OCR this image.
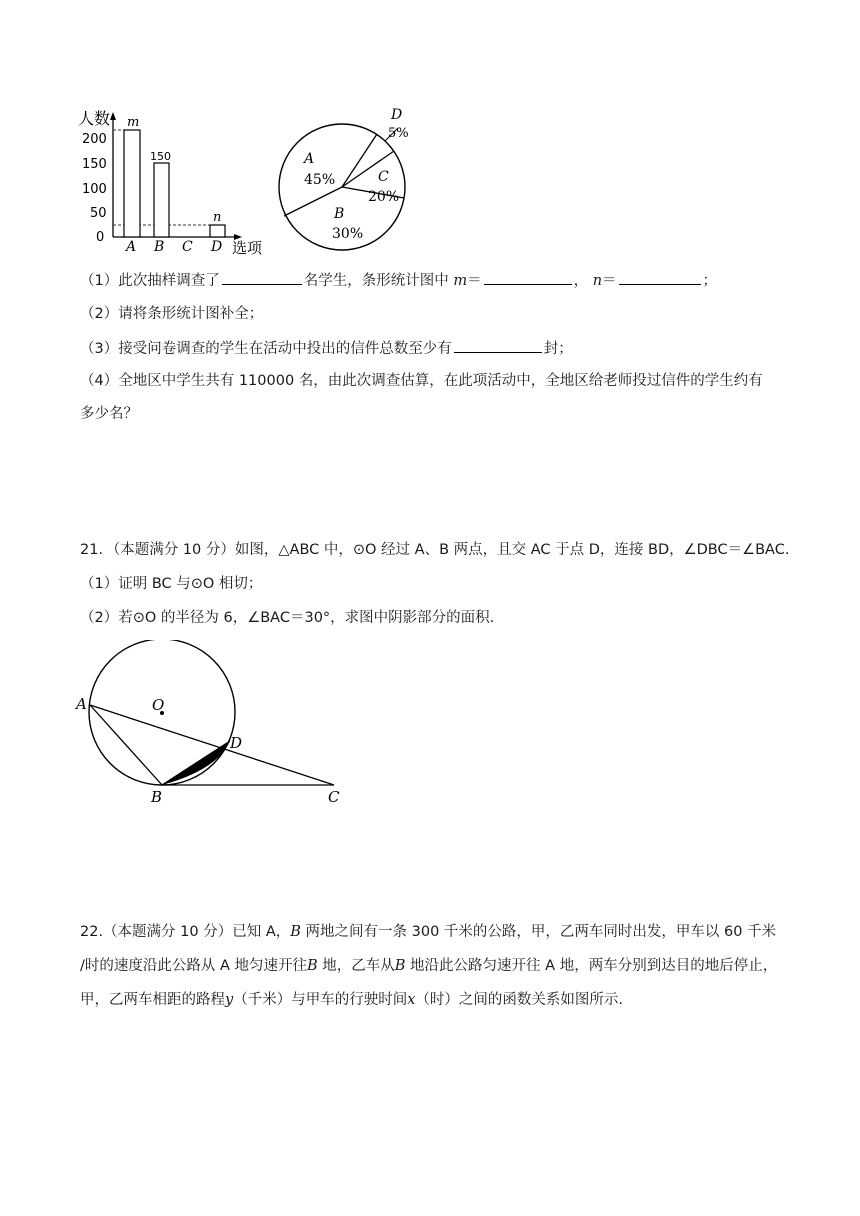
人数
200
150
100
50
0
选项
m
150
n
A B C D
A
45%
B
30%
C
20%
D
5%
（1）此次抽样调查了	名学生，条形统计图中 m＝	， n＝	；
（2）请将条形统计图补全；
（3）接受问卷调查的学生在活动中投出的信件总数至少有	封；
（4）全地区中学生共有 110000 名，由此次调查估算，在此项活动中，全地区给老师投过信件的学生约有
多少名？
21．（本题满分 10 分）如图，△ABC 中，⊙O 经过 A、B 两点，且交 AC 于点 D，连接 BD，∠DBC＝∠BAC.
（1）证明 BC 与⊙O 相切；
（2）若⊙O 的半径为 6，∠BAC＝30°，求图中阴影部分的面积.
A	O
D
B	C
22.（本题满分 10 分）已知 A，B 两地之间有一条 300 千米的公路，甲，乙两车同时出发，甲车以 60 千米
/时的速度沿此公路从 A 地匀速开往B 地，乙车从B 地沿此公路匀速开往 A 地，两车分别到达目的地后停止，
甲，乙两车相距的路程y（千米）与甲车的行驶时间x（时）之间的函数关系如图所示.
